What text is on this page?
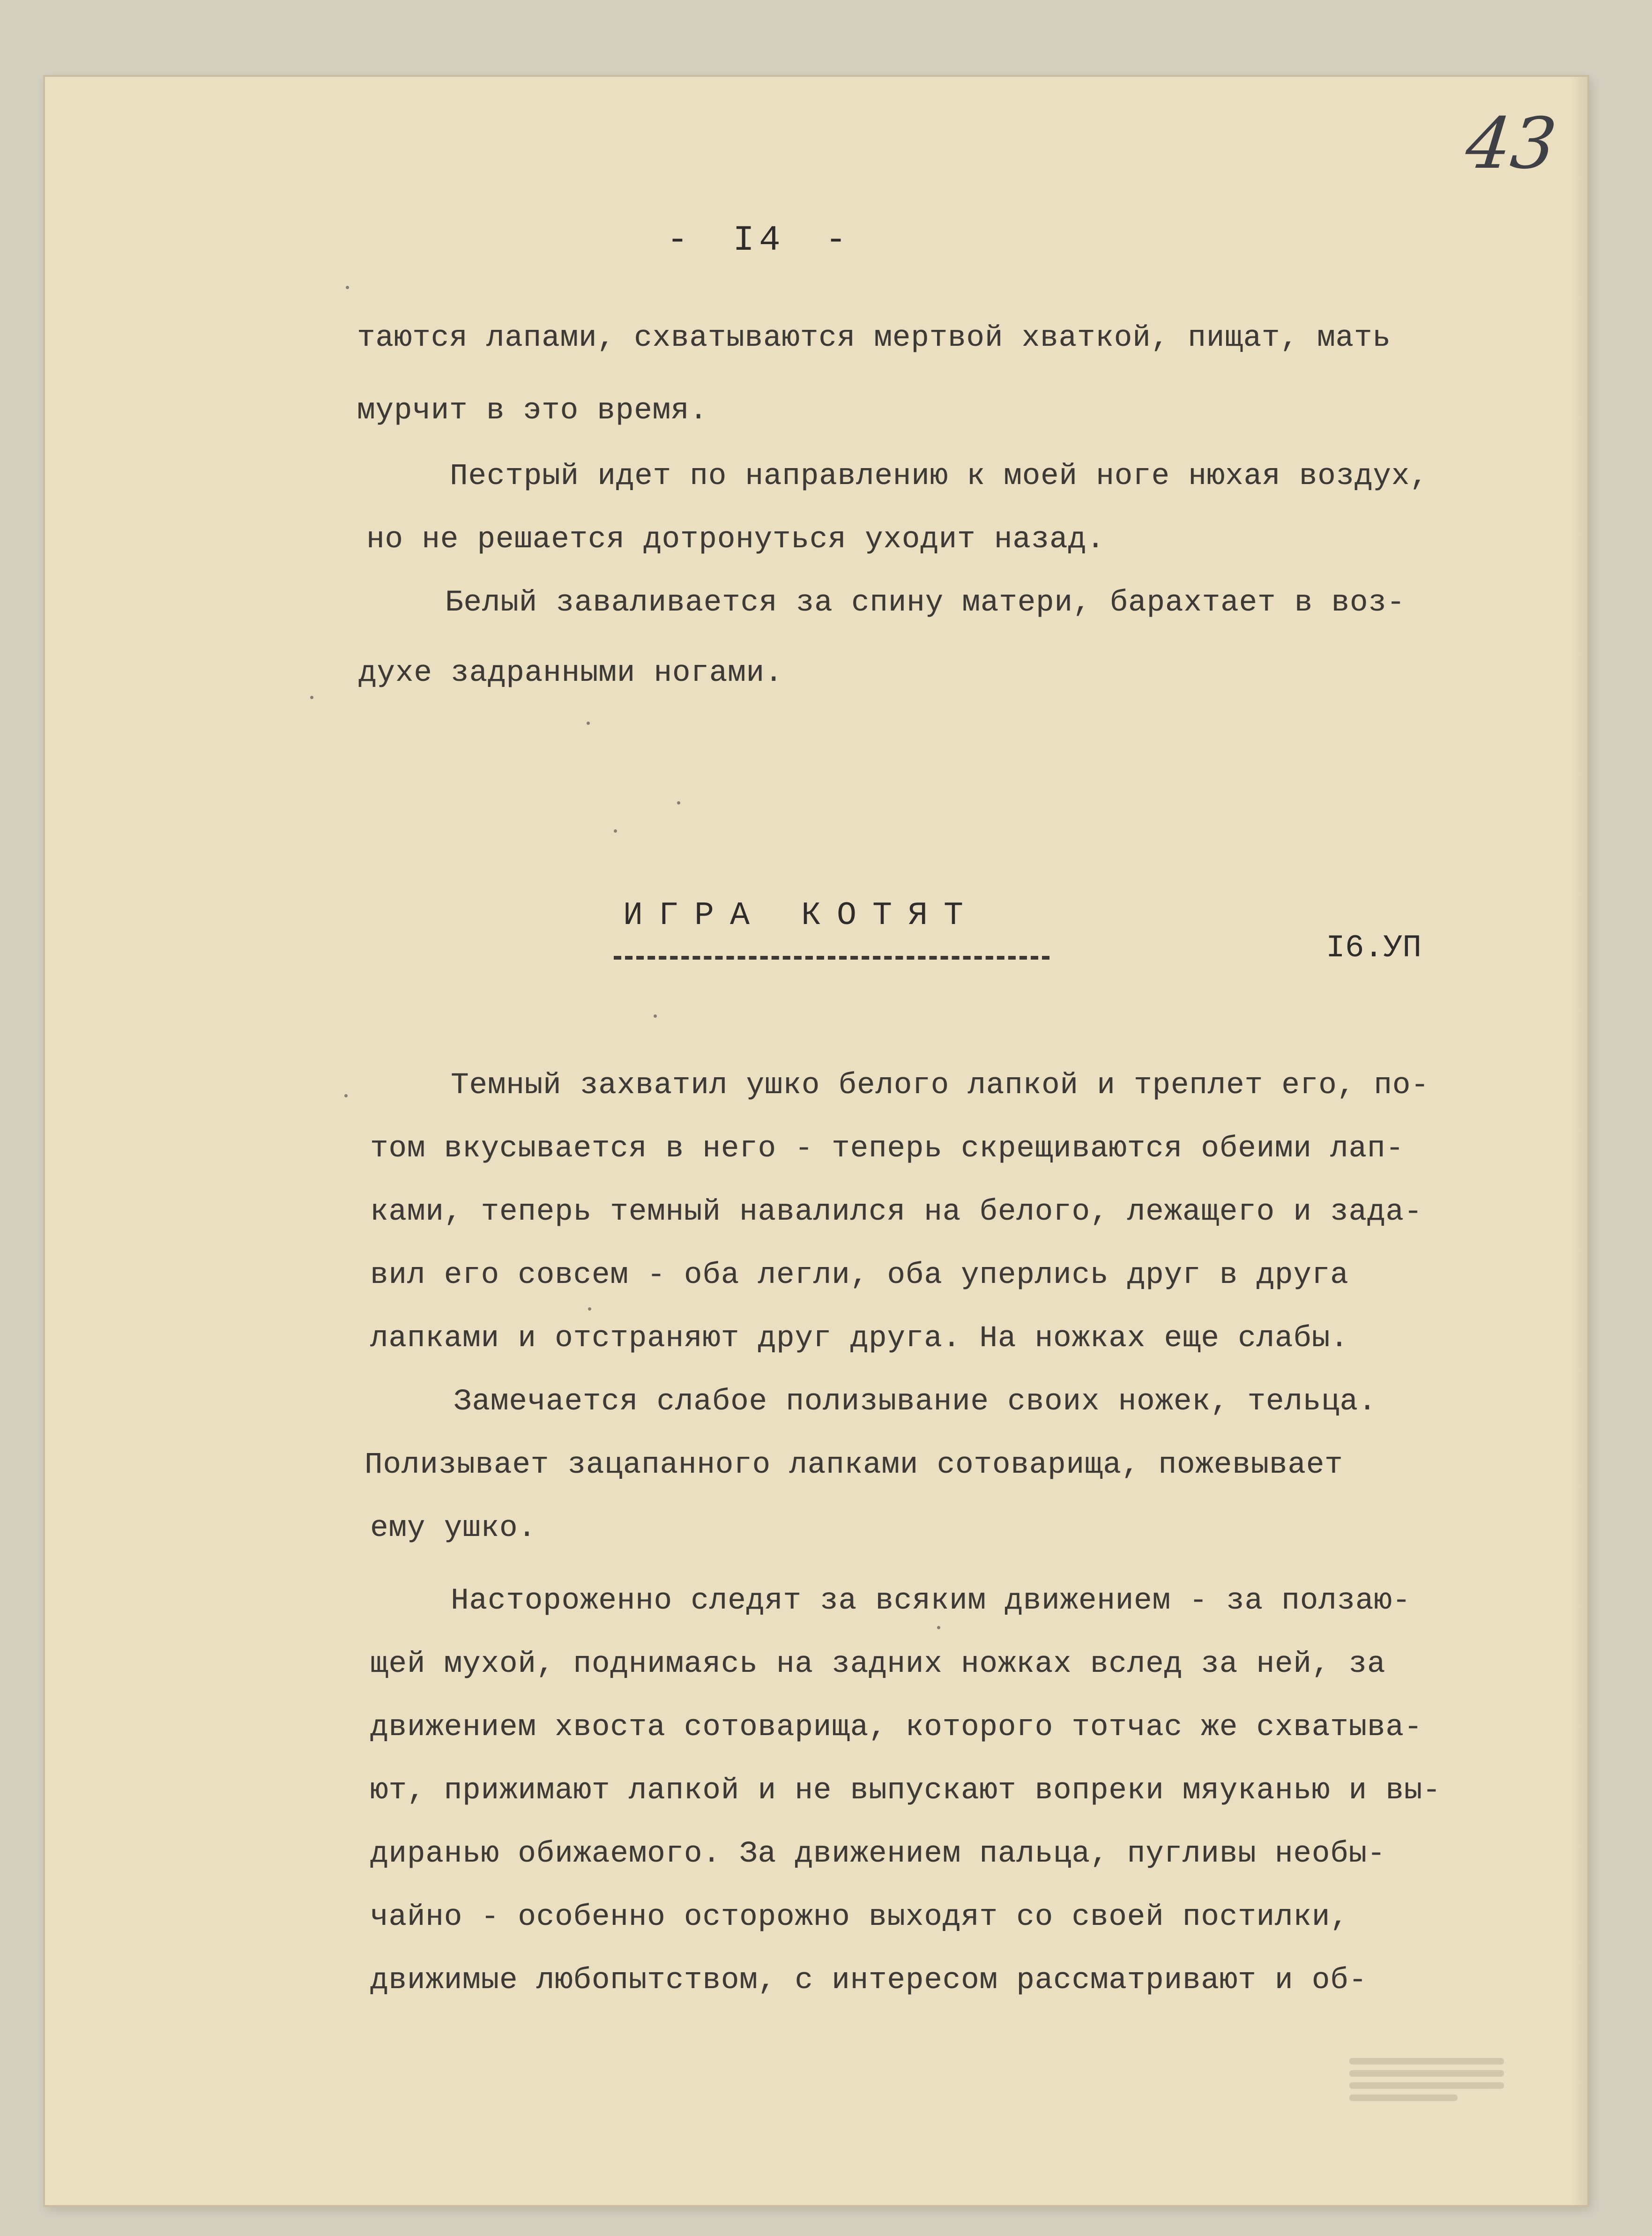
43
- I4 -
таются лапами, схватываются мертвой хваткой, пищат, мать
мурчит в это время.
Пестрый идет по направлению к моей ноге нюхая воздух,
но не решается дотронуться уходит назад.
Белый заваливается за спину матери, барахтает в воз-
духе задранными ногами.
ИГРА КОТЯТ
I6.УП
Темный захватил ушко белого лапкой и треплет его, по-
том вкусывается в него - теперь скрещиваются обеими лап-
ками, теперь темный навалился на белого, лежащего и зада-
вил его совсем - оба легли, оба уперлись друг в друга
лапками и отстраняют друг друга. На ножках еще слабы.
Замечается слабое полизывание своих ножек, тельца.
Полизывает зацапанного лапками сотоварища, пожевывает
ему ушко.
Настороженно следят за всяким движением - за ползаю-
щей мухой, поднимаясь на задних ножках вслед за ней, за
движением хвоста сотоварища, которого тотчас же схватыва-
ют, прижимают лапкой и не выпускают вопреки мяуканью и вы-
диранью обижаемого. За движением пальца, пугливы необы-
чайно - особенно осторожно выходят со своей постилки,
движимые любопытством, с интересом рассматривают и об-
